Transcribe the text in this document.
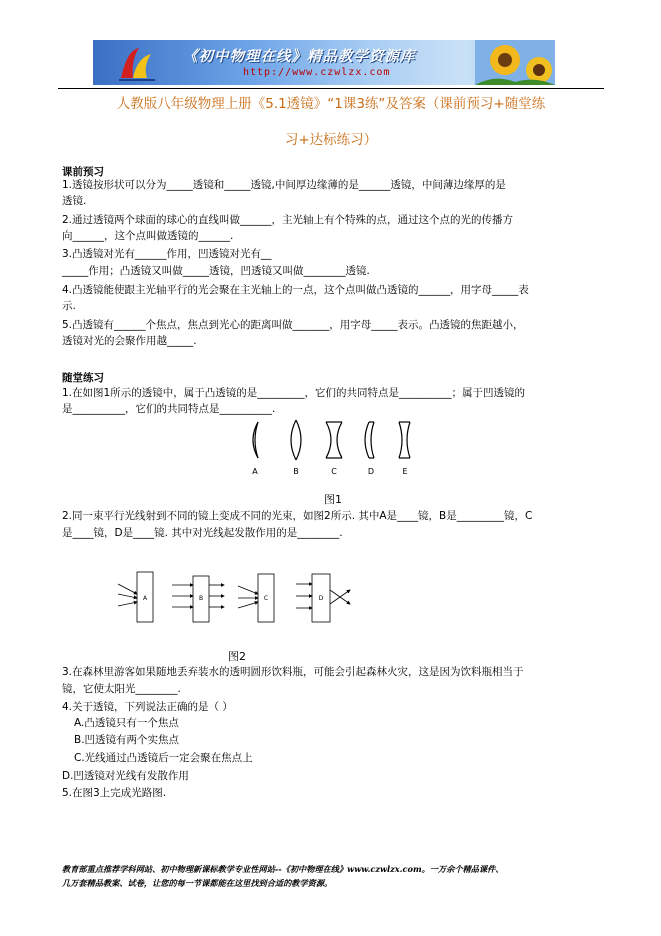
《初中物理在线》精品教学资源库
http://www.czwlzx.com
人教版八年级物理上册《5.1透镜》“1课3练”及答案（课前预习+随堂练
习+达标练习）
课前预习
1.透镜按形状可以分为_____透镜和_____透镜,中间厚边缘薄的是______透镜，中间薄边缘厚的是
透镜.
2.通过透镜两个球面的球心的直线叫做______，主光轴上有个特殊的点，通过这个点的光的传播方
向______，这个点叫做透镜的______.
3.凸透镜对光有______作用，凹透镜对光有__
_____作用；凸透镜又叫做_____透镜，凹透镜又叫做________透镜.
4.凸透镜能使跟主光轴平行的光会聚在主光轴上的一点，这个点叫做凸透镜的______，用字母_____表
示.
5.凸透镜有______个焦点，焦点到光心的距离叫做_______，用字母_____表示。凸透镜的焦距越小，
透镜对光的会聚作用越_____.
随堂练习
1.在如图1所示的透镜中，属于凸透镜的是_________，它们的共同特点是__________；属于凹透镜的
是__________，它们的共同特点是__________.
A	B	C	D	E
图1
2.同一束平行光线射到不同的镜上变成不同的光束，如图2所示. 其中A是____镜，B是_________镜，C
是____镜，D是____镜. 其中对光线起发散作用的是________.
A	B	C	D
图2
3.在森林里游客如果随地丢弃装水的透明圆形饮料瓶，可能会引起森林火灾，这是因为饮料瓶相当于
镜，它使太阳光________.
4.关于透镜，下列说法正确的是（ ）
A.凸透镜只有一个焦点
B.凹透镜有两个实焦点
C.光线通过凸透镜后一定会聚在焦点上
D.凹透镜对光线有发散作用
5.在图3上完成光路图.
教育部重点推荐学科网站、初中物理新课标教学专业性网站--《初中物理在线》www.czwlzx.com。一万余个精品课件、
几万套精品教案、试卷，让您的每一节课都能在这里找到合适的教学资源。
